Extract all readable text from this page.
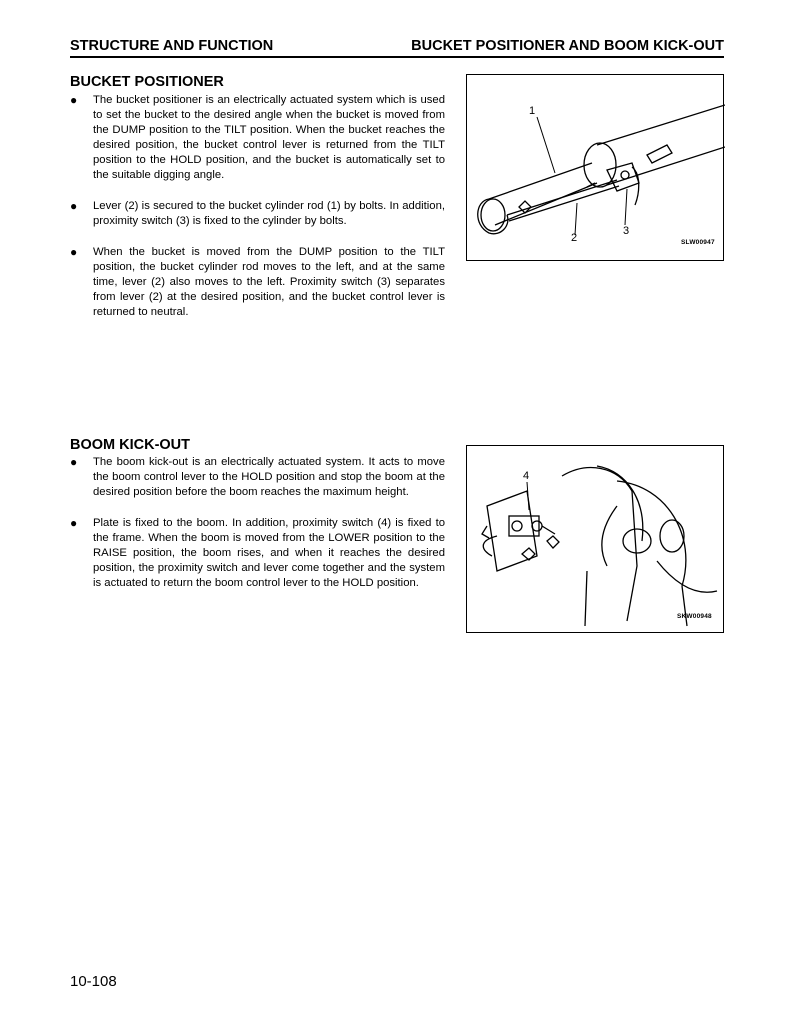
STRUCTURE AND FUNCTION	BUCKET POSITIONER AND BOOM KICK-OUT
BUCKET POSITIONER
● The bucket positioner is an electrically actuated system which is used to set the bucket to the desired angle when the bucket is moved from the DUMP position to the TILT position. When the bucket reaches the desired position, the bucket control lever is returned from the TILT position to the HOLD position, and the bucket is automatically set to the suitable digging angle.
● Lever (2) is secured to the bucket cylinder rod (1) by bolts. In addition, proximity switch (3) is fixed to the cylinder by bolts.
● When the bucket is moved from the DUMP position to the TILT position, the bucket cylinder rod moves to the left, and at the same time, lever (2) also moves to the left. Proximity switch (3) separates from lever (2) at the desired position, and the bucket control lever is returned to neutral.
1
2
3
SLW00947
BOOM KICK-OUT
● The boom kick-out is an electrically actuated system. It acts to move the boom control lever to the HOLD position and stop the boom at the desired position before the boom reaches the maximum height.
● Plate is fixed to the boom. In addition, proximity switch (4) is fixed to the frame. When the boom is moved from the LOWER position to the RAISE position, the boom rises, and when it reaches the desired position, the proximity switch and lever come together and the system is actuated to return the boom control lever to the HOLD position.
4
SKW00948
10-108
